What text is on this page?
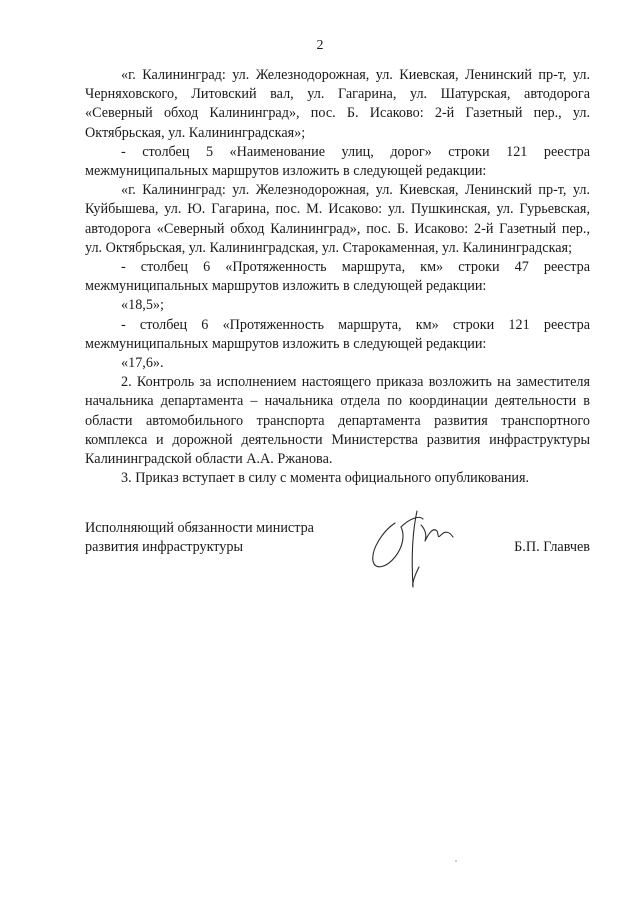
2

«г. Калининград: ул. Железнодорожная, ул. Киевская, Ленинский пр-т, ул. Черняховского, Литовский вал, ул. Гагарина, ул. Шатурская, автодорога «Северный обход Калининград», пос. Б. Исаково: 2-й Газетный пер., ул. Октябрьская, ул. Калининградская»;

- столбец 5 «Наименование улиц, дорог» строки 121 реестра межмуниципальных маршрутов изложить в следующей редакции:

«г. Калининград: ул. Железнодорожная, ул. Киевская, Ленинский пр-т, ул. Куйбышева, ул. Ю. Гагарина, пос. М. Исаково: ул. Пушкинская, ул. Гурьевская, автодорога «Северный обход Калининград», пос. Б. Исаково: 2-й Газетный пер., ул. Октябрьская, ул. Калининградская, ул. Старокаменная, ул. Калининградская;

- столбец 6 «Протяженность маршрута, км» строки 47 реестра межмуниципальных маршрутов изложить в следующей редакции:

«18,5»;

- столбец 6 «Протяженность маршрута, км» строки 121 реестра межмуниципальных маршрутов изложить в следующей редакции:

«17,6».

2. Контроль за исполнением настоящего приказа возложить на заместителя начальника департамента – начальника отдела по координации деятельности в области автомобильного транспорта департамента развития транспортного комплекса и дорожной деятельности Министерства развития инфраструктуры Калининградской области А.А. Ржанова.

3. Приказ вступает в силу с момента официального опубликования.

Исполняющий обязанности министра
развития инфраструктуры	Б.П. Главчев
